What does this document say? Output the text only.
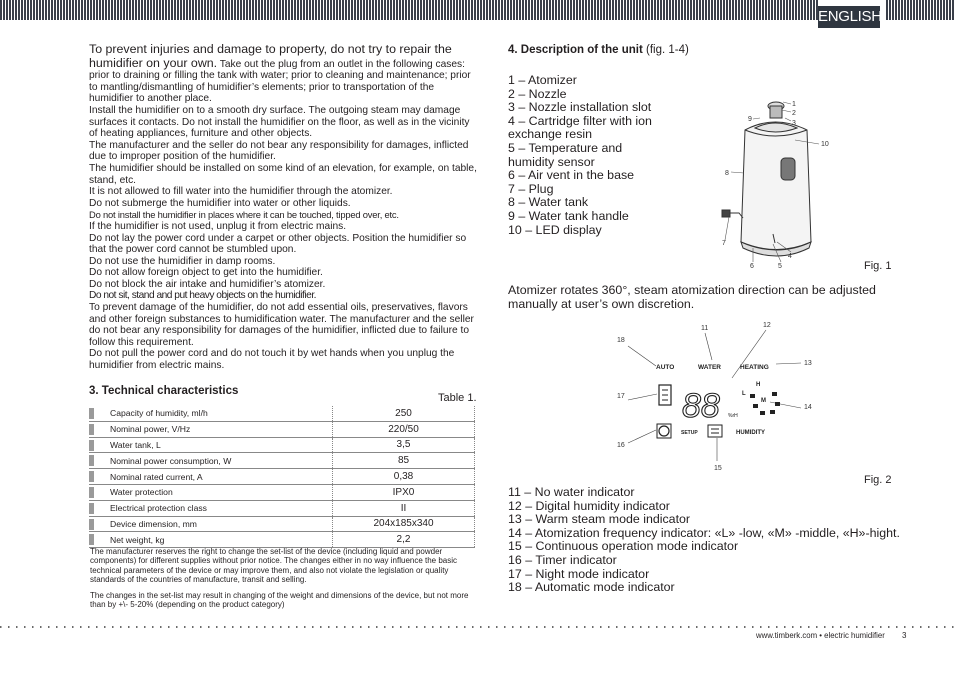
ENGLISH

To prevent injuries and damage to property, do not try to repair the humidifier on your own. Take out the plug from an outlet in the following cases: prior to draining or filling the tank with water; prior to cleaning and maintenance; prior to mantling/dismantling of humidifier’s elements; prior to transportation of the humidifier to another place.

Install the humidifier on to a smooth dry surface. The outgoing steam may damage surfaces it contacts. Do not install the humidifier on the floor, as well as in the vicinity of heating appliances, furniture and other objects.

The manufacturer and the seller do not bear any responsibility for damages, inflicted due to improper position of the humidifier.

The humidifier should be installed on some kind of an elevation, for example, on table, stand, etc.

It is not allowed to fill water into the humidifier through the atomizer.

Do not submerge the humidifier into water or other liquids.

Do not install the humidifier in places where it can be touched, tipped over, etc.

If the humidifier is not used, unplug it from electric mains.

Do not lay the power cord under a carpet or other objects. Position the humidifier so that the power cord cannot be stumbled upon.

Do not use the humidifier in damp rooms.

Do not allow foreign object to get into the humidifier.

Do not block the air intake and humidifier’s atomizer.

Do not sit, stand and put heavy objects on the humidifier.

To prevent damage of the humidifier, do not add essential oils, preservatives, flavors and other foreign substances to humidification water. The manufacturer and the seller do not bear any responsibility for damages of the humidifier, inflicted due to failure to follow this requirement.

Do not pull the power cord and do not touch it by wet hands when you unplug the humidifier from electric mains.

3. Technical characteristics
Table 1.
Capacity of humidity, ml/h	250
Nominal power, V/Hz	220/50
Water tank, L	3,5
Nominal power consumption, W	85
Nominal rated current, A	0,38
Water protection	IPX0
Electrical protection class	II
Device dimension, mm	204x185x340
Net weight, kg	2,2
The manufacturer reserves the right to change the set-list of the device (including liquid and powder components) for different supplies without prior notice. The changes either in no way influence the basic technical parameters of the device or may improve them, and also not violate the legislation or quality standards of the countries of manufacture, transit and selling.
The changes in the set-list may result in changing of the weight and dimensions of the device, but not more than by +\- 5-20% (depending on the product category)
4. Description of the unit (fig. 1-4)
1 – Atomizer
2 – Nozzle
3 – Nozzle installation slot
4 – Cartridge filter with ion exchange resin
5 – Temperature and humidity sensor
6 – Air vent in the base
7 – Plug
8 – Water tank
9 – Water tank handle
10 – LED display
1
2
3
9
10
8
7
4
6	5	Fig. 1
Atomizer rotates 360°, steam atomization direction can be adjusted manually at user’s own discretion.
11	12
18
13
17
14
16
15
AUTO	WATER	HEATING
88 %rH
H
L
M
SETUP	HUMIDITY
Fig. 2
11 – No water indicator
12 – Digital humidity indicator
13 – Warm steam mode indicator
14 – Atomization frequency indicator: «L» -low, «M» -middle, «H»-hight.
15 – Continuous operation mode indicator
16 – Timer indicator
17 – Night mode indicator
18 – Automatic mode indicator
www.timberk.com • electric humidifier 3
